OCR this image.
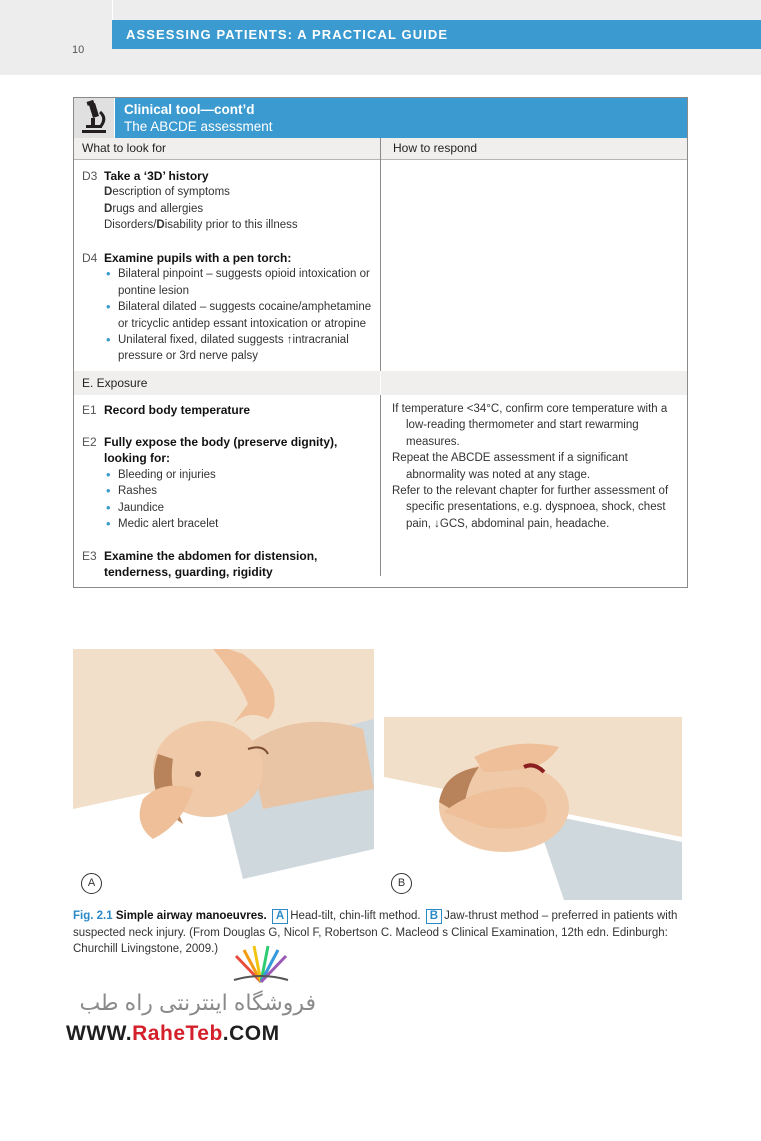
ASSESSING PATIENTS: A PRACTICAL GUIDE
10
Clinical tool—cont’d
The ABCDE assessment
What to look for	How to respond
D3 Take a ‘3D’ history
Description of symptoms
Drugs and allergies
Disorders/Disability prior to this illness
D4 Examine pupils with a pen torch:
• Bilateral pinpoint – suggests opioid intoxication or pontine lesion
• Bilateral dilated – suggests cocaine/amphetamine or tricyclic antidep essant intoxication or atropine
• Unilateral fixed, dilated suggests ↑intracranial pressure or 3rd nerve palsy
E. Exposure
E1 Record body temperature
E2 Fully expose the body (preserve dignity), looking for:
• Bleeding or injuries
• Rashes
• Jaundice
• Medic alert bracelet
E3 Examine the abdomen for distension, tenderness, guarding, rigidity

If temperature <34°C, confirm core temperature with a low-reading thermometer and start rewarming measures.

Repeat the ABCDE assessment if a significant abnormality was noted at any stage.

Refer to the relevant chapter for further assessment of specific presentations, e.g. dyspnoea, shock, chest pain, ↓GCS, abdominal pain, headache.

A	B
Fig. 2.1 Simple airway manoeuvres. A Head-tilt, chin-lift method. B Jaw-thrust method – preferred in patients with suspected neck injury. (From Douglas G, Nicol F, Robertson C. Macleod s Clinical Examination, 12th edn. Edinburgh: Churchill Livingstone, 2009.)
فروشگاه اینترنتی راه طب
WWW.RaheTeb.COM
